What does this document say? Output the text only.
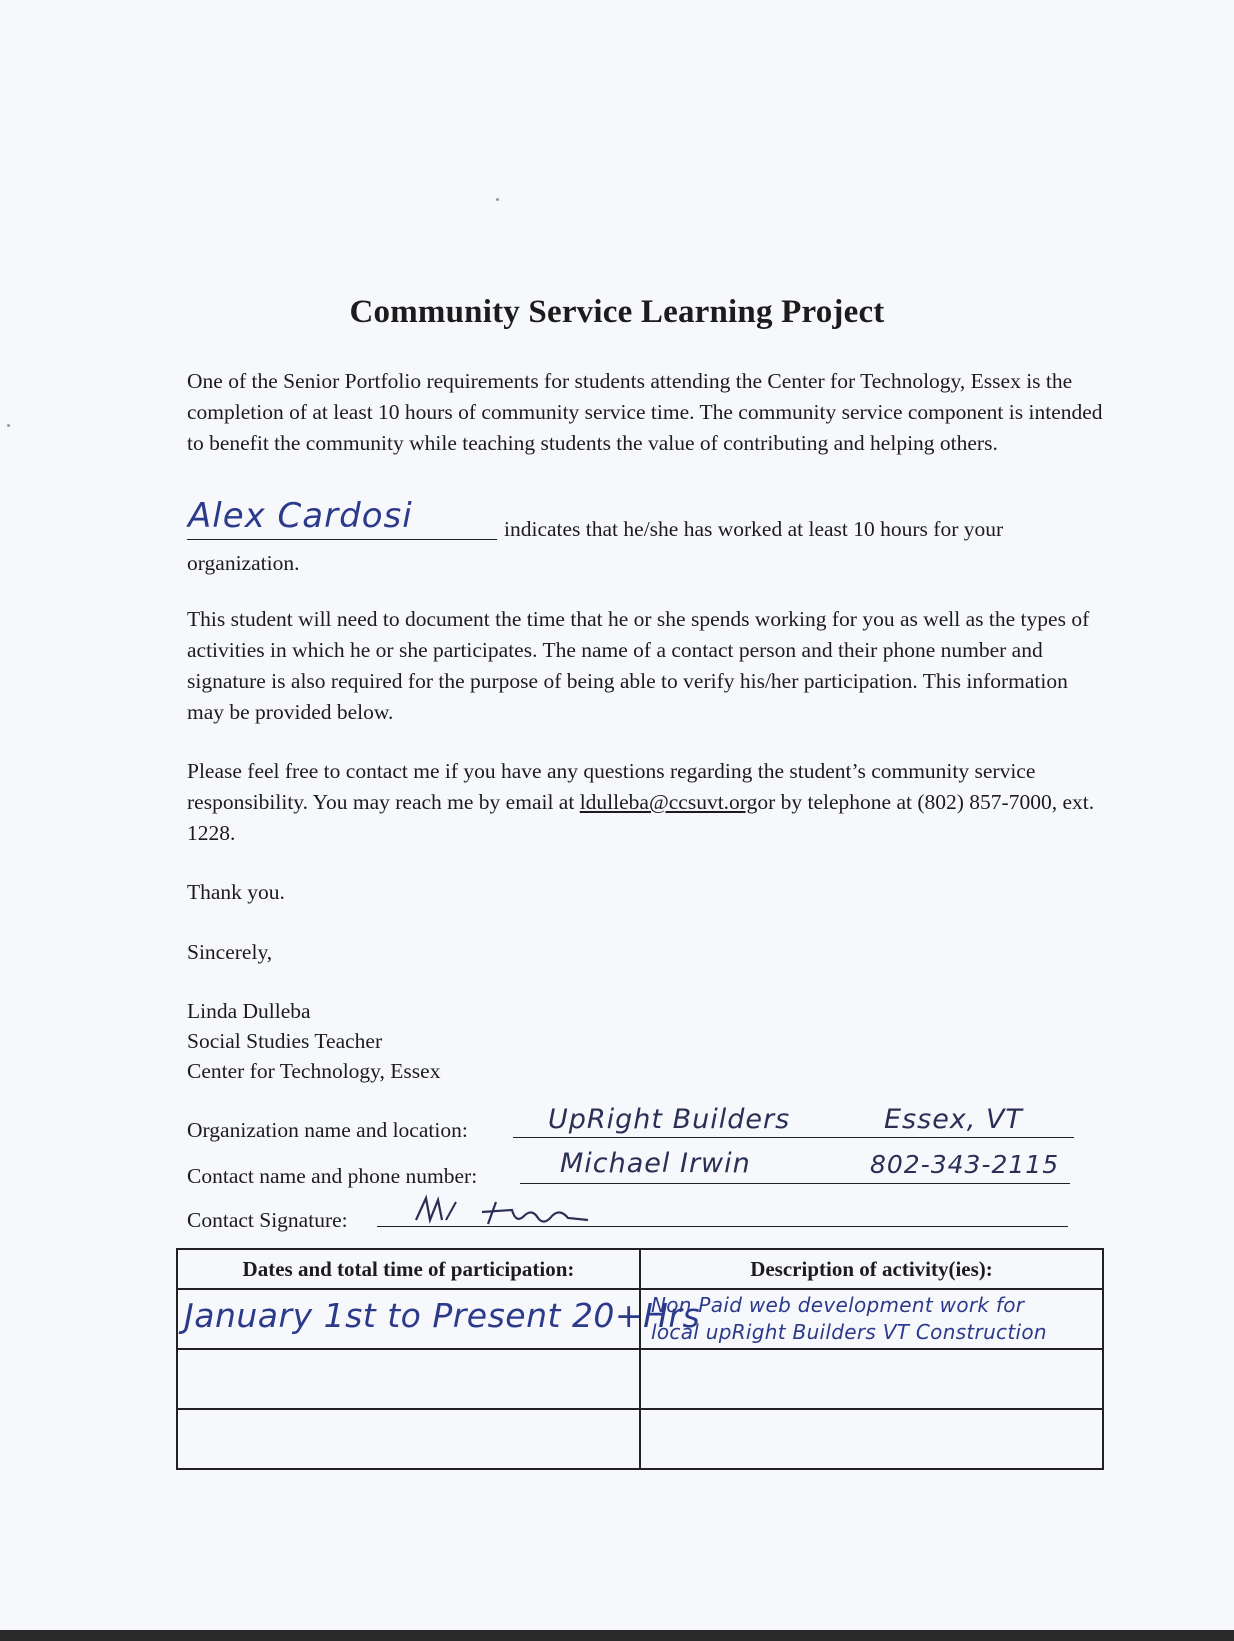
Community Service Learning Project
One of the Senior Portfolio requirements for students attending the Center for Technology, Essex is the completion of at least 10 hours of community service time. The community service component is intended to benefit the community while teaching students the value of contributing and helping others.
Alex Cardosi	indicates that he/she has worked at least 10 hours for your
organization.
This student will need to document the time that he or she spends working for you as well as the types of activities in which he or she participates. The name of a contact person and their phone number and signature is also required for the purpose of being able to verify his/her participation. This information may be provided below.
Please feel free to contact me if you have any questions regarding the student’s community service responsibility. You may reach me by email at ldulleba@ccsuvt.orgor by telephone at (802) 857-7000, ext. 1228.
Thank you.
Sincerely,
Linda Dulleba
Social Studies Teacher
Center for Technology, Essex
Organization name and location:	UpRight Builders	Essex, VT
Contact name and phone number:	Michael Irwin	802-343-2115
Contact Signature:
Dates and total time of participation:	Description of activity(ies):

January 1st to Present 20+Hrs	Non Paid web development work for
local upRight Builders VT Construction
